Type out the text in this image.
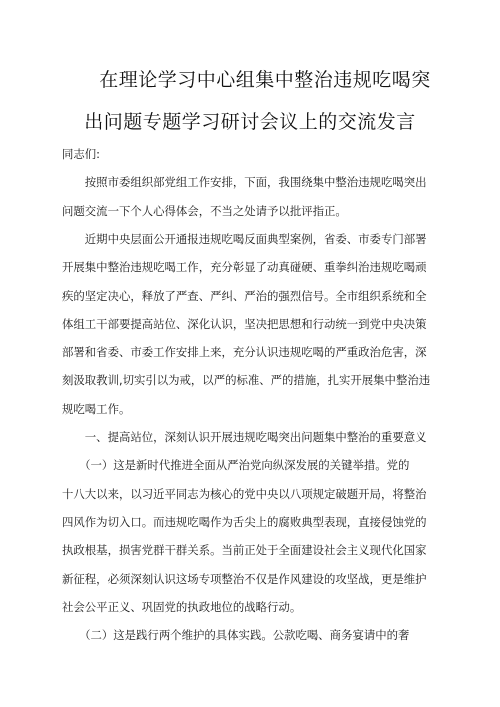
在理论学习中心组集中整治违规吃喝突
出问题专题学习研讨会议上的交流发言
同志们:
　　按照市委组织部党组工作安排，下面，我围绕集中整治违规吃喝突出
问题交流一下个人心得体会，不当之处请予以批评指正。
　　近期中央层面公开通报违规吃喝反面典型案例，省委、市委专门部署
开展集中整治违规吃喝工作，充分彰显了动真碰硬、重拳纠治违规吃喝顽
疾的坚定决心，释放了严查、严纠、严治的强烈信号。全市组织系统和全
体组工干部要提高站位、深化认识，坚决把思想和行动统一到党中央决策
部署和省委、市委工作安排上来，充分认识违规吃喝的严重政治危害，深
刻汲取教训,切实引以为戒，以严的标准、严的措施，扎实开展集中整治违
规吃喝工作。
　　一、提高站位，深刻认识开展违规吃喝突出问题集中整治的重要意义
　　（一）这是新时代推进全面从严治党向纵深发展的关键举措。党的
十八大以来，以习近平同志为核心的党中央以八项规定破题开局，将整治
四风作为切入口。而违规吃喝作为舌尖上的腐败典型表现，直接侵蚀党的
执政根基，损害党群干群关系。当前正处于全面建设社会主义现代化国家
新征程，必须深刻认识这场专项整治不仅是作风建设的攻坚战，更是维护
社会公平正义、巩固党的执政地位的战略行动。
　　（二）这是践行两个维护的具体实践。公款吃喝、商务宴请中的奢
